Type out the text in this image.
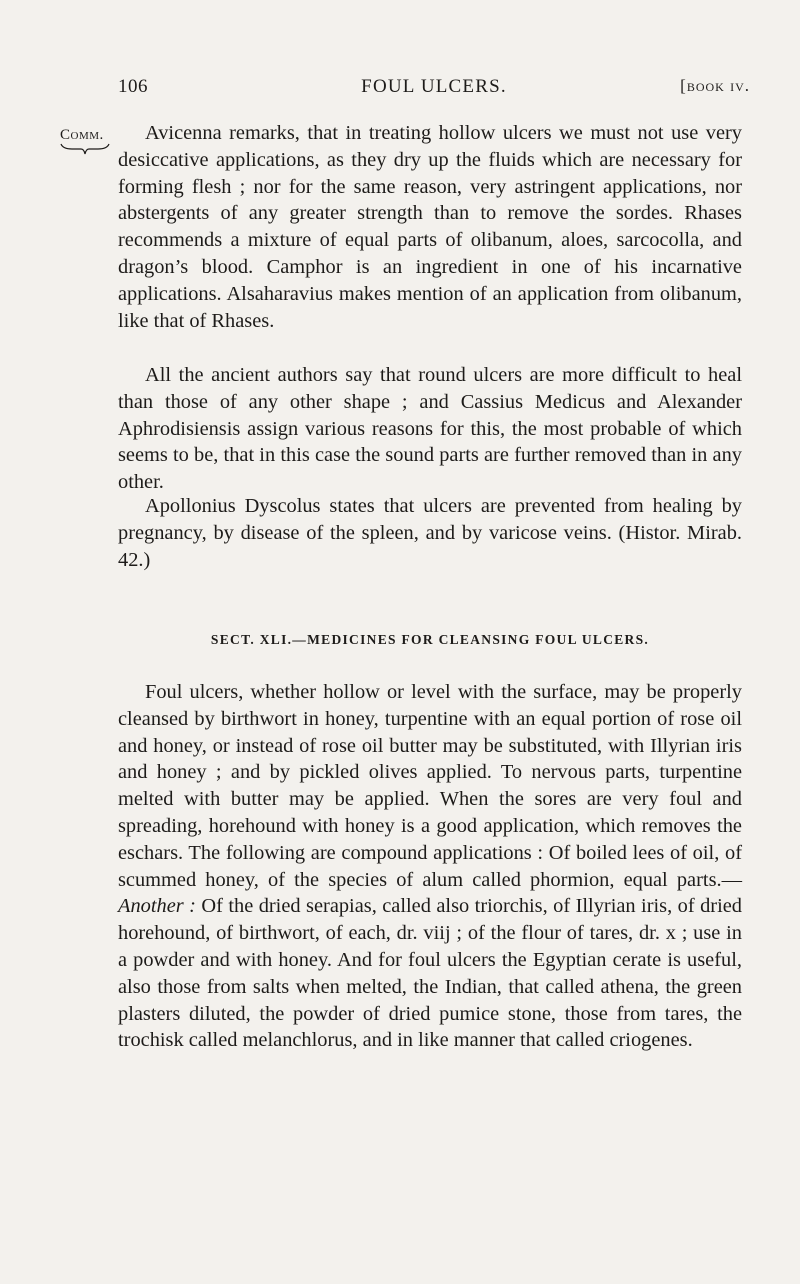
106	FOUL ULCERS.	[book iv.
Comm.	Avicenna remarks, that in treating hollow ulcers we must not use very desiccative applications, as they dry up the fluids which are necessary for forming flesh ; nor for the same reason, very astringent applications, nor abstergents of any greater strength than to remove the sordes. Rhases recommends a mixture of equal parts of olibanum, aloes, sarcocolla, and dragon’s blood. Camphor is an ingredient in one of his incarnative applications. Alsaharavius makes mention of an application from olibanum, like that of Rhases.

All the ancient authors say that round ulcers are more difficult to heal than those of any other shape ; and Cassius Medicus and Alexander Aphrodisiensis assign various reasons for this, the most probable of which seems to be, that in this case the sound parts are further removed than in any other.

Apollonius Dyscolus states that ulcers are prevented from healing by pregnancy, by disease of the spleen, and by varicose veins. (Histor. Mirab. 42.)

SECT. XLI.—MEDICINES FOR CLEANSING FOUL ULCERS.

Foul ulcers, whether hollow or level with the surface, may be properly cleansed by birthwort in honey, turpentine with an equal portion of rose oil and honey, or instead of rose oil butter may be substituted, with Illyrian iris and honey ; and by pickled olives applied. To nervous parts, turpentine melted with butter may be applied. When the sores are very foul and spreading, horehound with honey is a good application, which removes the eschars. The following are compound applications : Of boiled lees of oil, of scummed honey, of the species of alum called phormion, equal parts.—Another : Of the dried serapias, called also triorchis, of Illyrian iris, of dried horehound, of birthwort, of each, dr. viij ; of the flour of tares, dr. x ; use in a powder and with honey. And for foul ulcers the Egyptian cerate is useful, also those from salts when melted, the Indian, that called athena, the green plasters diluted, the powder of dried pumice stone, those from tares, the trochisk called melanchlorus, and in like manner that called criogenes.
